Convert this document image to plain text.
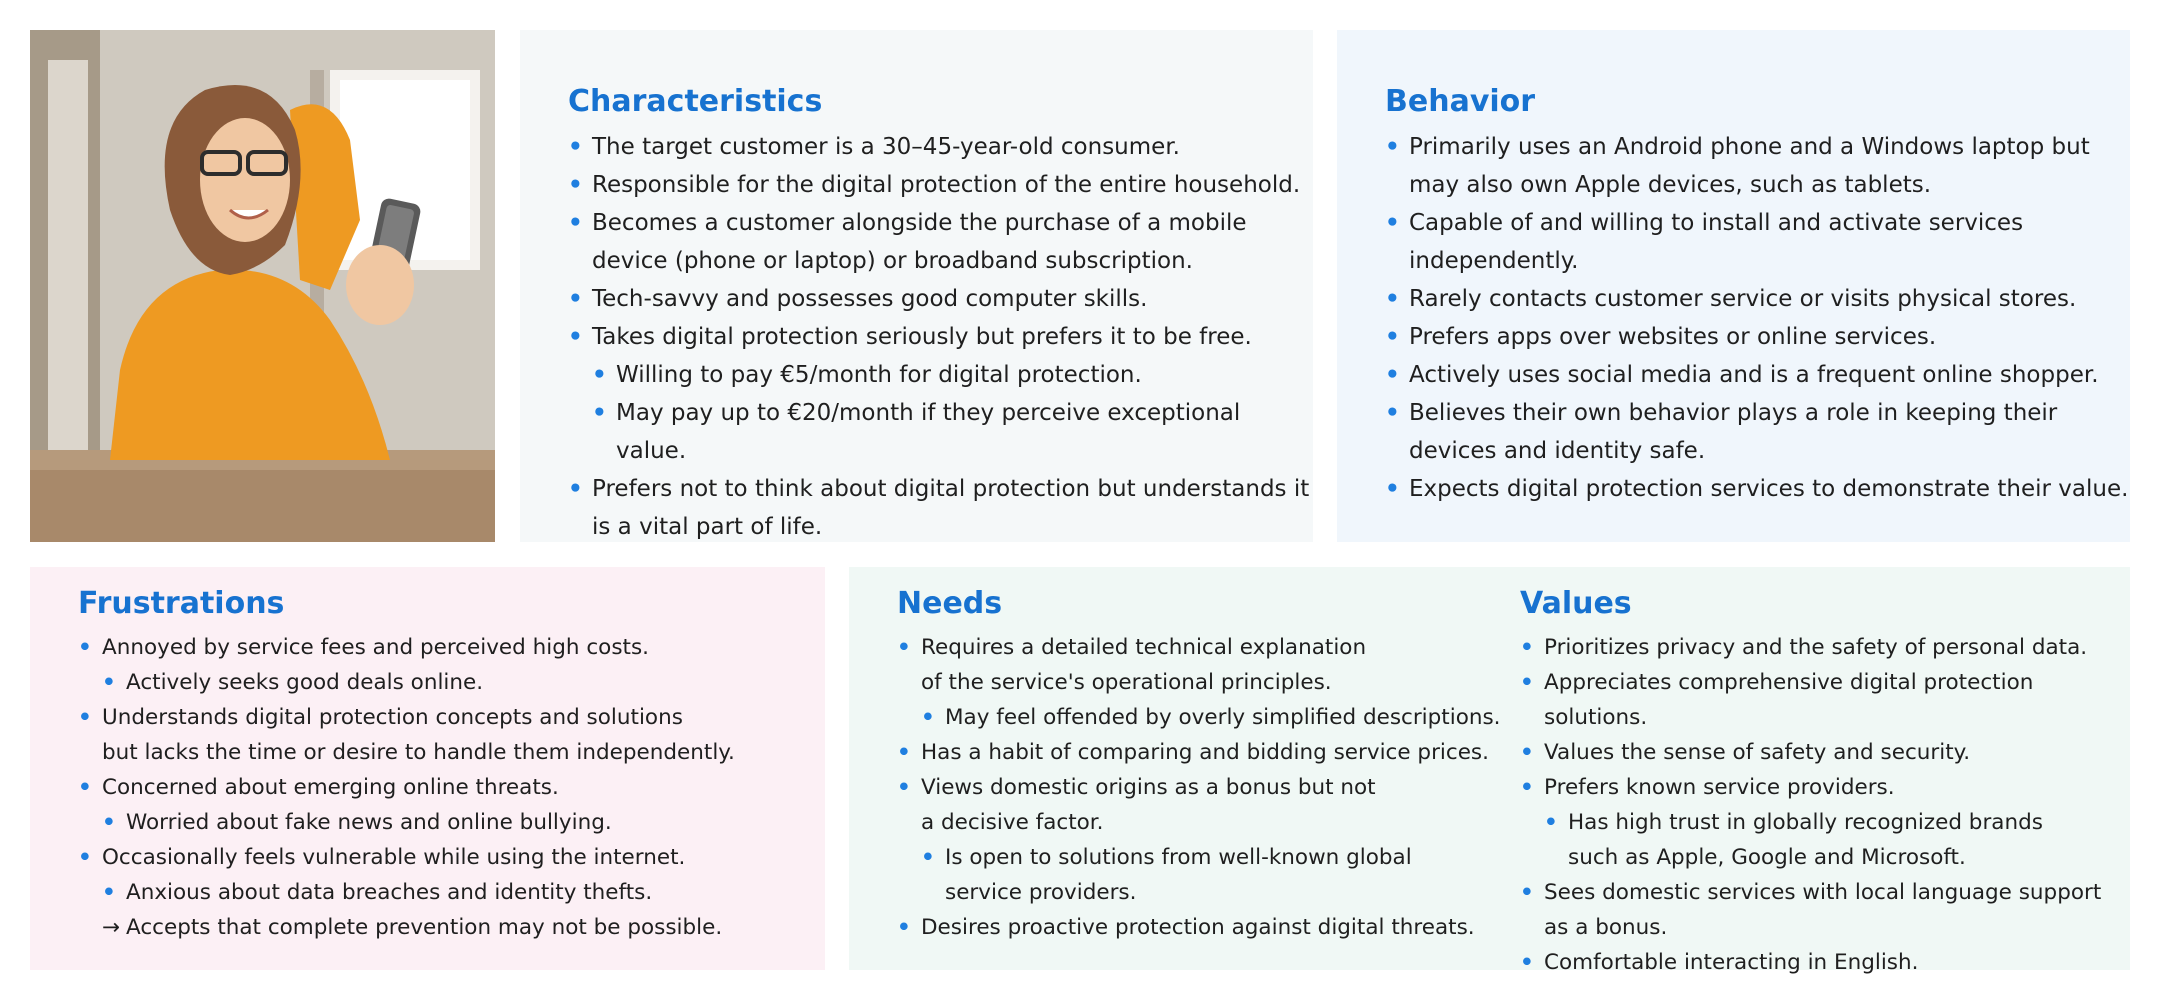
Characteristics
• The target customer is a 30–45-year-old consumer.
• Responsible for the digital protection of the entire household.
• Becomes a customer alongside the purchase of a mobile
device (phone or laptop) or broadband subscription.
• Tech-savvy and possesses good computer skills.
• Takes digital protection seriously but prefers it to be free.
• Willing to pay €5/month for digital protection.
• May pay up to €20/month if they perceive exceptional value.
• Prefers not to think about digital protection but understands it
is a vital part of life.
Behavior
• Primarily uses an Android phone and a Windows laptop but
may also own Apple devices, such as tablets.
• Capable of and willing to install and activate services
independently.
• Rarely contacts customer service or visits physical stores.
• Prefers apps over websites or online services.
• Actively uses social media and is a frequent online shopper.
• Believes their own behavior plays a role in keeping their
devices and identity safe.
• Expects digital protection services to demonstrate their value.
Frustrations
• Annoyed by service fees and perceived high costs.
• Actively seeks good deals online.
• Understands digital protection concepts and solutions
but lacks the time or desire to handle them independently.
• Concerned about emerging online threats.
• Worried about fake news and online bullying.
• Occasionally feels vulnerable while using the internet.
• Anxious about data breaches and identity thefts.
→ Accepts that complete prevention may not be possible.
Needs
• Requires a detailed technical explanation
of the service's operational principles.
• May feel offended by overly simplified descriptions.
• Has a habit of comparing and bidding service prices.
• Views domestic origins as a bonus but not
a decisive factor.
• Is open to solutions from well-known global
service providers.
• Desires proactive protection against digital threats.
Values
• Prioritizes privacy and the safety of personal data.
• Appreciates comprehensive digital protection solutions.
• Values the sense of safety and security.
• Prefers known service providers.
• Has high trust in globally recognized brands
such as Apple, Google and Microsoft.
• Sees domestic services with local language support
as a bonus.
• Comfortable interacting in English.
